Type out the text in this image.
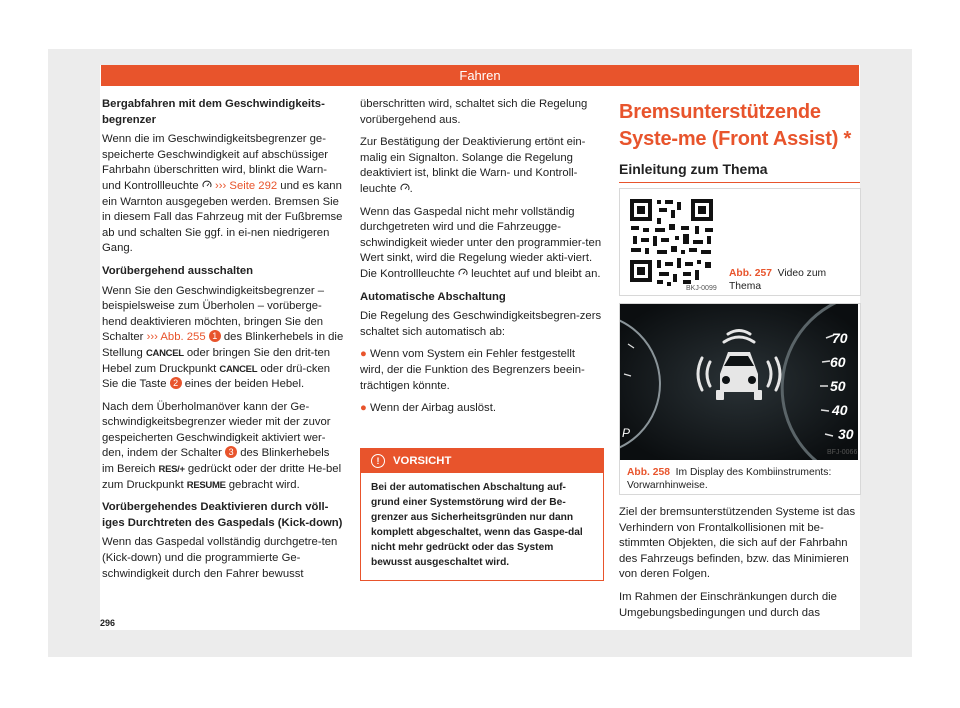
Fahren
Bergabfahren mit dem Geschwindigkeits-begrenzer

Wenn die im Geschwindigkeitsbegrenzer ge-speicherte Geschwindigkeit auf abschüssiger Fahrbahn überschritten wird, blinkt die Warn- und Kontrollleuchte  ››› Seite 292 und es kann ein Warnton ausgegeben werden. Bremsen Sie in diesem Fall das Fahrzeug mit der Fußbremse ab und schalten Sie ggf. in ei-nen niedrigeren Gang.

Vorübergehend ausschalten

Wenn Sie den Geschwindigkeitsbegrenzer – beispielsweise zum Überholen – vorüberge-hend deaktivieren möchten, bringen Sie den Schalter ››› Abb. 255 1 des Blinkerhebels in die Stellung CANCEL oder bringen Sie den drit-ten Hebel zum Druckpunkt CANCEL oder drü-cken Sie die Taste 2 eines der beiden Hebel.

Nach dem Überholmanöver kann der Ge-schwindigkeitsbegrenzer wieder mit der zuvor gespeicherten Geschwindigkeit aktiviert wer-den, indem der Schalter 3 des Blinkerhebels im Bereich RES/+ gedrückt oder der dritte He-bel zum Druckpunkt RESUME gebracht wird.

Vorübergehendes Deaktivieren durch völl-iges Durchtreten des Gaspedals (Kick-down)

Wenn das Gaspedal vollständig durchgetre-ten (Kick-down) und die programmierte Ge-schwindigkeit durch den Fahrer bewusst

überschritten wird, schaltet sich die Regelung vorübergehend aus.

Zur Bestätigung der Deaktivierung ertönt ein-malig ein Signalton. Solange die Regelung deaktiviert ist, blinkt die Warn- und Kontroll-leuchte .

Wenn das Gaspedal nicht mehr vollständig durchgetreten wird und die Fahrzeugge-schwindigkeit wieder unter den programmier-ten Wert sinkt, wird die Regelung wieder akti-viert. Die Kontrollleuchte  leuchtet auf und bleibt an.

Automatische Abschaltung

Die Regelung des Geschwindigkeitsbegren-zers schaltet sich automatisch ab:

● Wenn vom System ein Fehler festgestellt wird, der die Funktion des Begrenzers beein-trächtigen könnte.

● Wenn der Airbag auslöst.

! VORSICHT
Bei der automatischen Abschaltung auf-grund einer Systemstörung wird der Be-grenzer aus Sicherheitsgründen nur dann komplett abgeschaltet, wenn das Gaspe-dal nicht mehr gedrückt oder das System bewusst ausgeschaltet wird.
Bremsunterstützende Syste-me (Front Assist) *
Einleitung zum Thema
BKJ-0099
Abb. 257 Video zum Thema
70
60
50
40
30
P
BFJ-0066
Abb. 258 Im Display des Kombiinstruments: Vorwarnhinweise.

Ziel der bremsunterstützenden Systeme ist das Verhindern von Frontalkollisionen mit be-stimmten Objekten, die sich auf der Fahrbahn des Fahrzeugs befinden, bzw. das Minimieren von deren Folgen.

Im Rahmen der Einschränkungen durch die Umgebungsbedingungen und durch das

296
